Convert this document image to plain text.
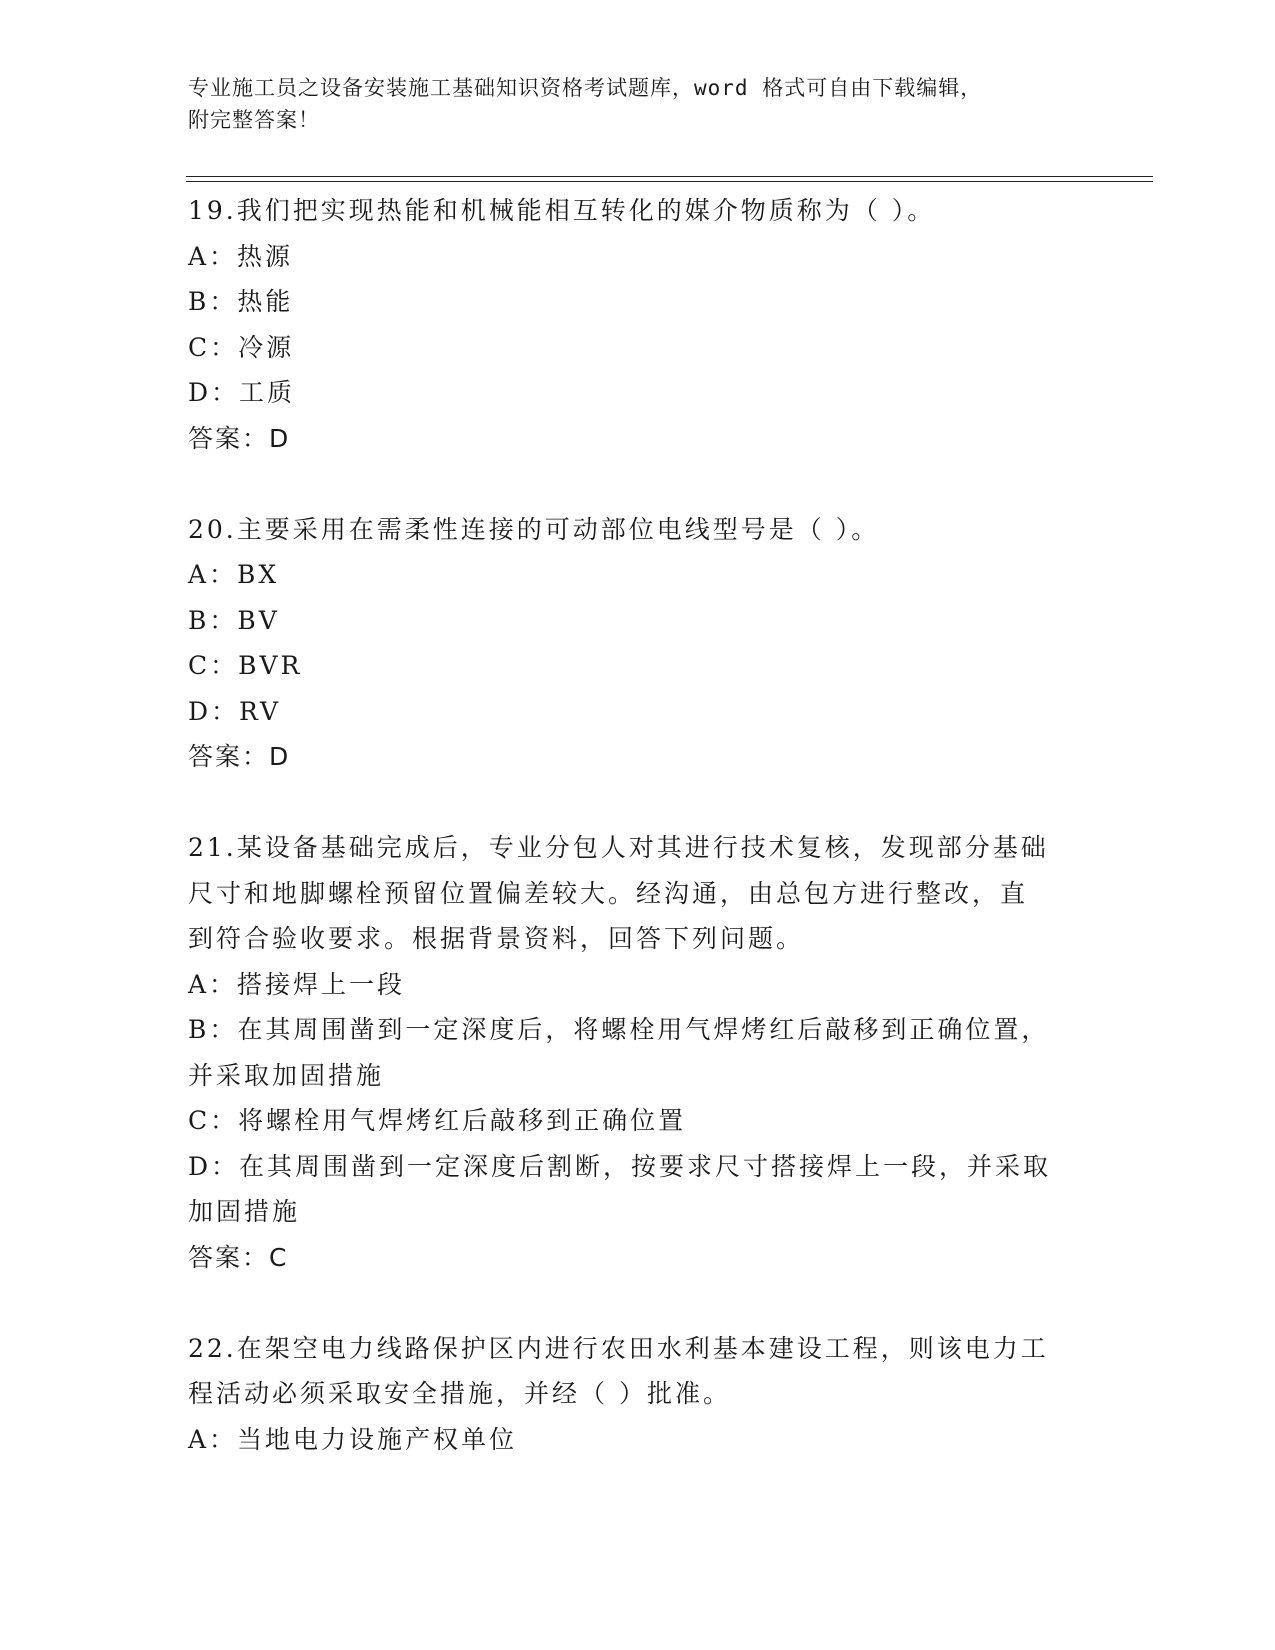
专业施工员之设备安装施工基础知识资格考试题库，word 格式可自由下载编辑，
附完整答案！
19.我们把实现热能和机械能相互转化的媒介物质称为（ ）。
A：热源
B：热能
C：冷源
D：工质
答案：D
20.主要采用在需柔性连接的可动部位电线型号是（ ）。
A：BX
B：BV
C：BVR
D：RV
答案：D
21.某设备基础完成后，专业分包人对其进行技术复核，发现部分基础
尺寸和地脚螺栓预留位置偏差较大。经沟通，由总包方进行整改，直
到符合验收要求。根据背景资料，回答下列问题。
A：搭接焊上一段
B：在其周围凿到一定深度后，将螺栓用气焊烤红后敲移到正确位置，
并采取加固措施
C：将螺栓用气焊烤红后敲移到正确位置
D：在其周围凿到一定深度后割断，按要求尺寸搭接焊上一段，并采取
加固措施
答案：C
22.在架空电力线路保护区内进行农田水利基本建设工程，则该电力工
程活动必须采取安全措施，并经（ ）批准。
A：当地电力设施产权单位
